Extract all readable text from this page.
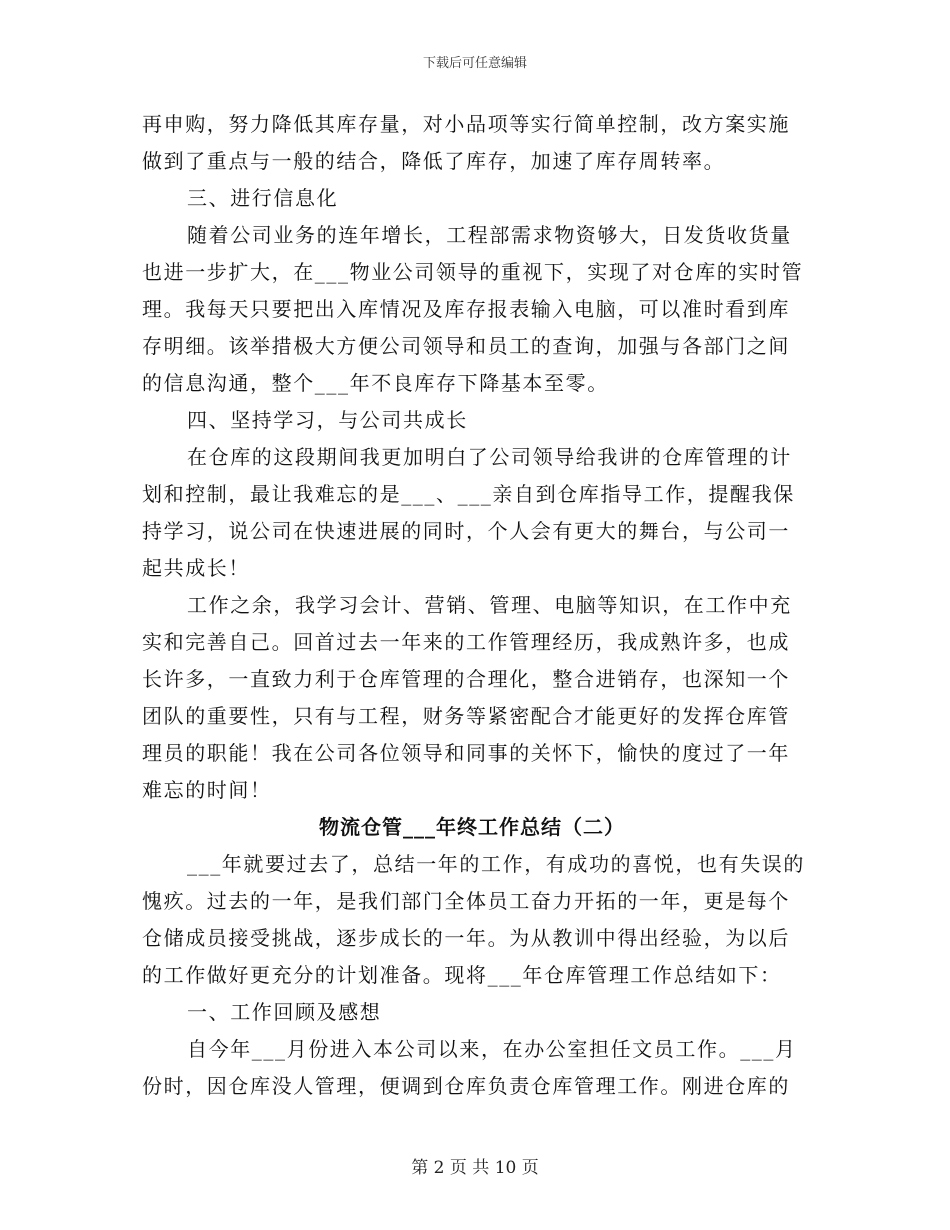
下载后可任意编辑
再申购，努力降低其库存量，对小品项等实行简单控制，改方案实施
做到了重点与一般的结合，降低了库存，加速了库存周转率。
三、进行信息化
随着公司业务的连年增长，工程部需求物资够大，日发货收货量
也进一步扩大，在___物业公司领导的重视下，实现了对仓库的实时管
理。我每天只要把出入库情况及库存报表输入电脑，可以准时看到库
存明细。该举措极大方便公司领导和员工的查询，加强与各部门之间
的信息沟通，整个___年不良库存下降基本至零。
四、坚持学习，与公司共成长
在仓库的这段期间我更加明白了公司领导给我讲的仓库管理的计
划和控制，最让我难忘的是___、___亲自到仓库指导工作，提醒我保
持学习，说公司在快速进展的同时，个人会有更大的舞台，与公司一
起共成长！
工作之余，我学习会计、营销、管理、电脑等知识，在工作中充
实和完善自己。回首过去一年来的工作管理经历，我成熟许多，也成
长许多，一直致力利于仓库管理的合理化，整合进销存，也深知一个
团队的重要性，只有与工程，财务等紧密配合才能更好的发挥仓库管
理员的职能！我在公司各位领导和同事的关怀下，愉快的度过了一年
难忘的时间！
物流仓管___年终工作总结（二）
___年就要过去了，总结一年的工作，有成功的喜悦，也有失误的
愧疚。过去的一年，是我们部门全体员工奋力开拓的一年，更是每个
仓储成员接受挑战，逐步成长的一年。为从教训中得出经验，为以后
的工作做好更充分的计划准备。现将___年仓库管理工作总结如下：
一、工作回顾及感想
自今年___月份进入本公司以来，在办公室担任文员工作。___月
份时，因仓库没人管理，便调到仓库负责仓库管理工作。刚进仓库的
第 2 页 共 10 页
